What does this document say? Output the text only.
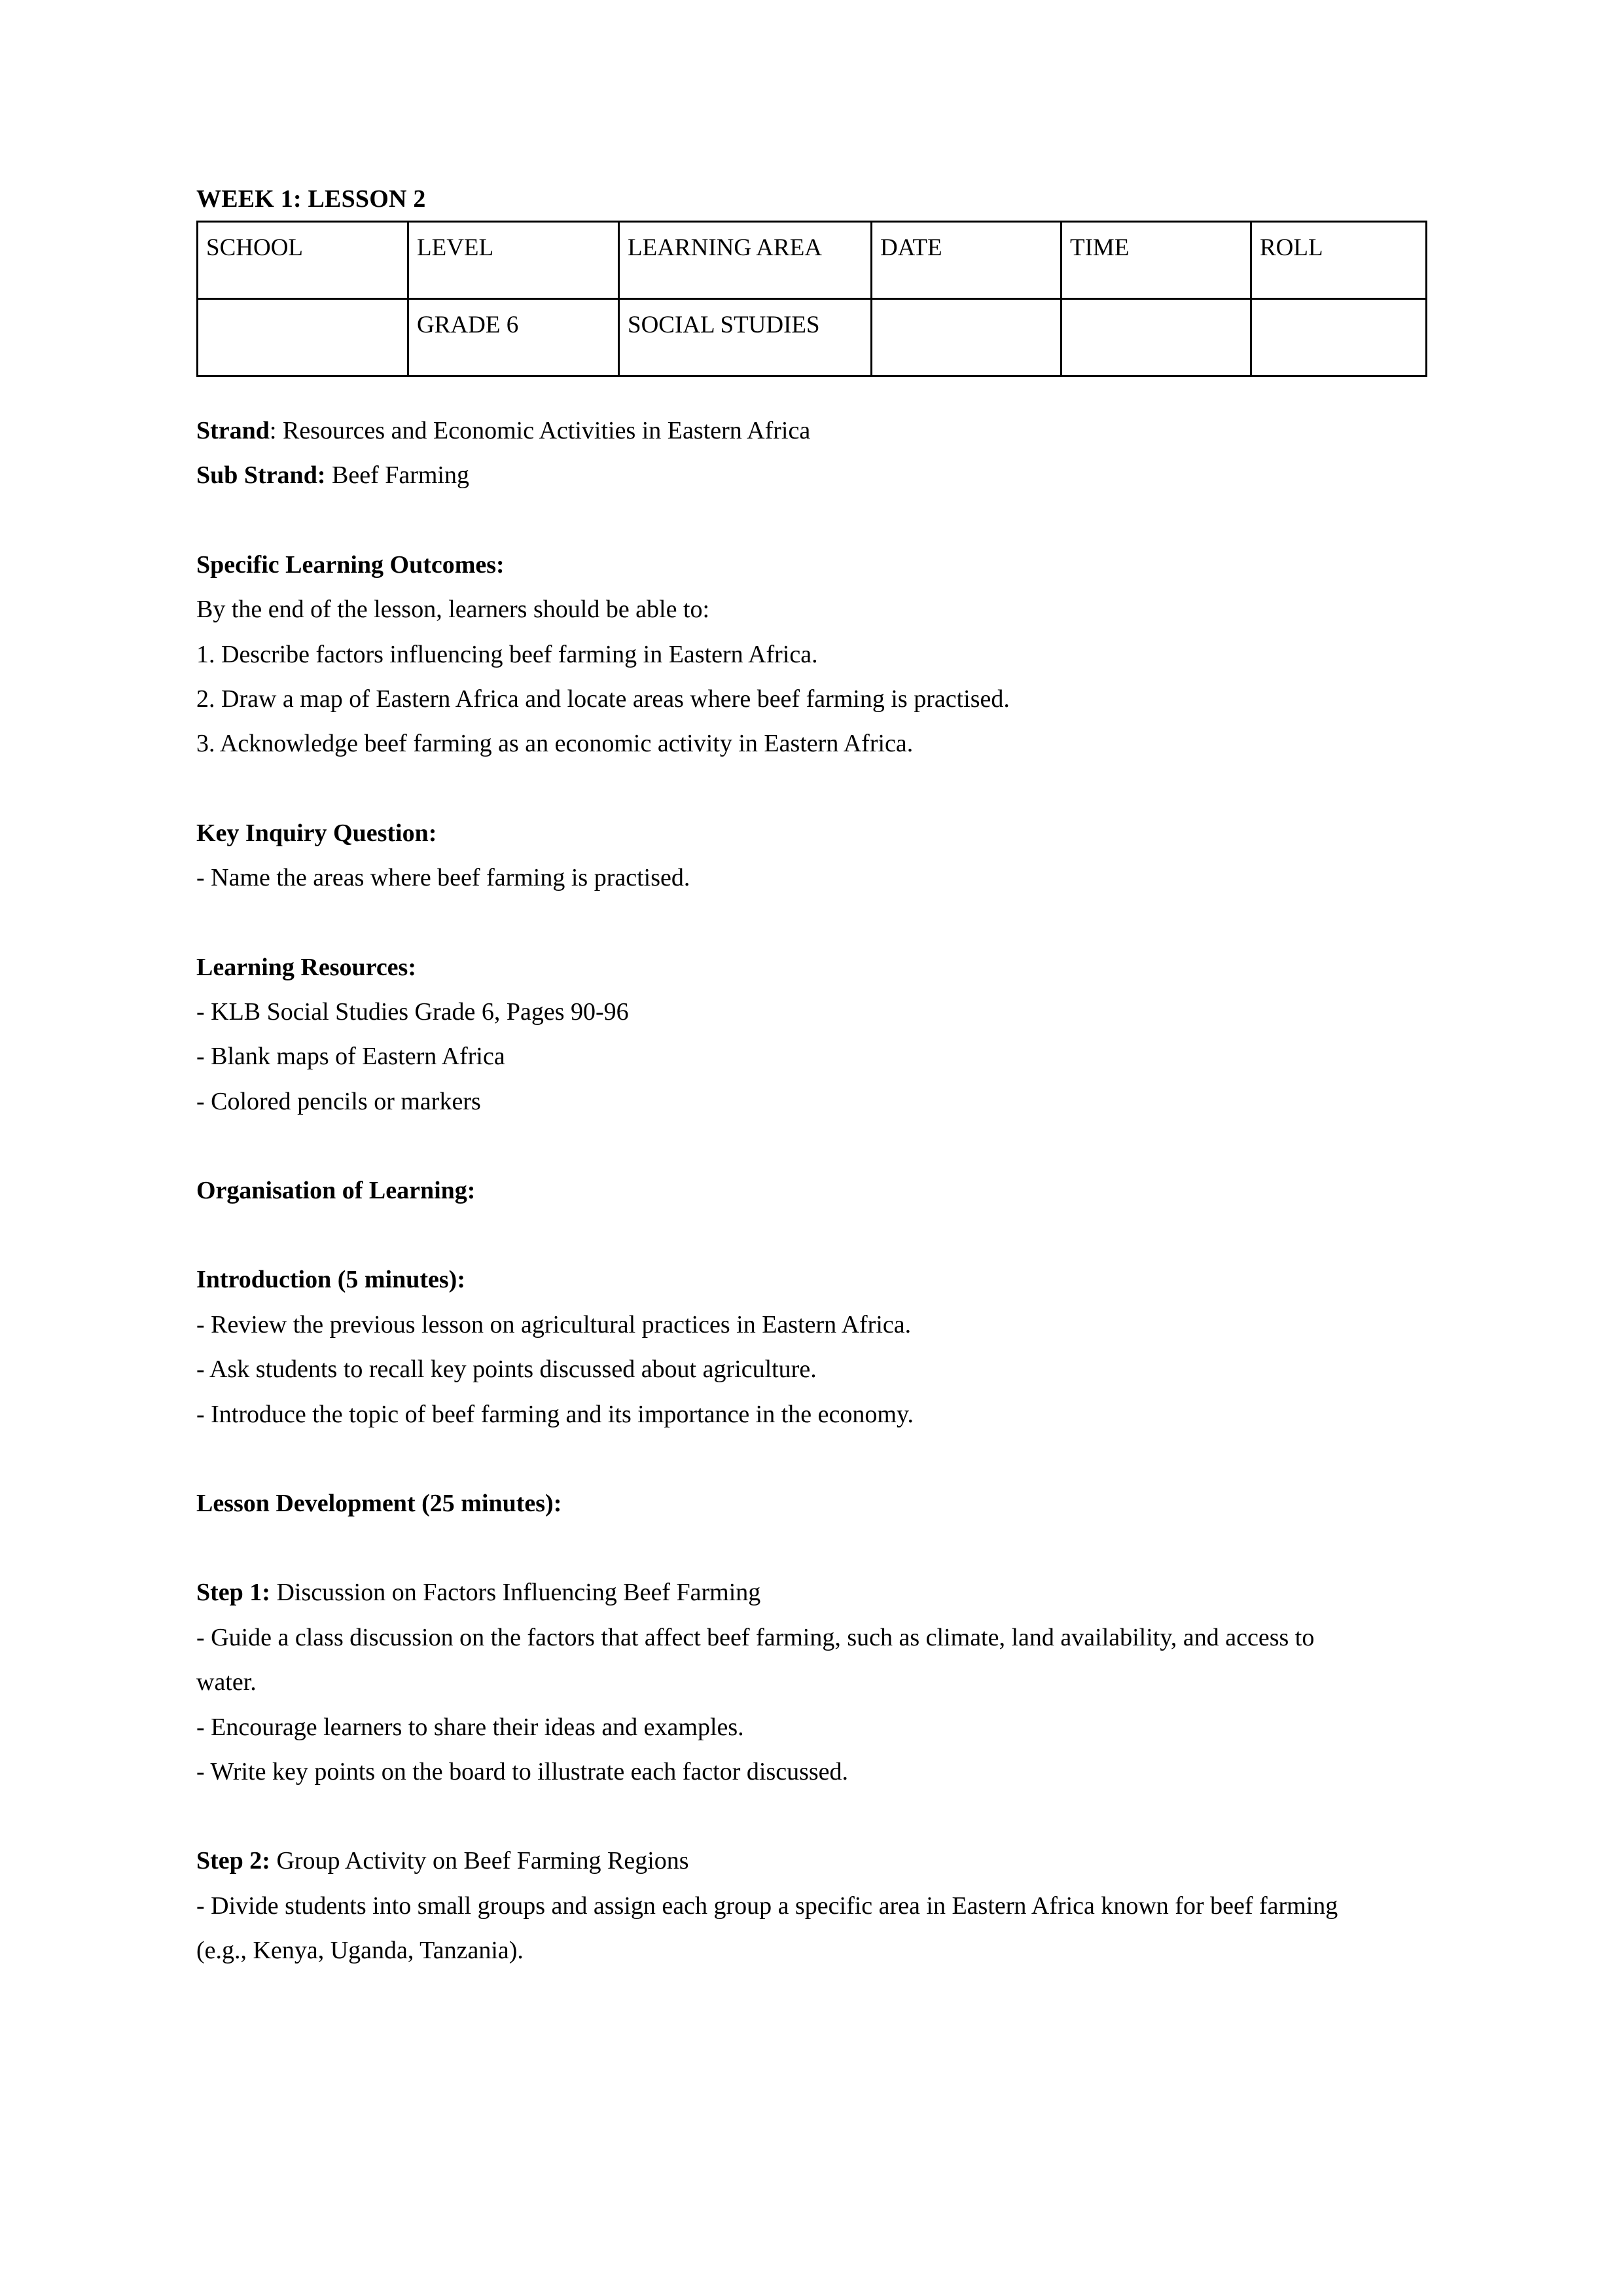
WEEK 1: LESSON 2
SCHOOL	LEVEL	LEARNING AREA	DATE	TIME	ROLL
	GRADE 6	SOCIAL STUDIES			
Strand: Resources and Economic Activities in Eastern Africa
Sub Strand: Beef Farming
Specific Learning Outcomes:
By the end of the lesson, learners should be able to:
1. Describe factors influencing beef farming in Eastern Africa.
2. Draw a map of Eastern Africa and locate areas where beef farming is practised.
3. Acknowledge beef farming as an economic activity in Eastern Africa.
Key Inquiry Question:
- Name the areas where beef farming is practised.
Learning Resources:
- KLB Social Studies Grade 6, Pages 90-96
- Blank maps of Eastern Africa
- Colored pencils or markers
Organisation of Learning:
Introduction (5 minutes):
- Review the previous lesson on agricultural practices in Eastern Africa.
- Ask students to recall key points discussed about agriculture.
- Introduce the topic of beef farming and its importance in the economy.
Lesson Development (25 minutes):
Step 1: Discussion on Factors Influencing Beef Farming
- Guide a class discussion on the factors that affect beef farming, such as climate, land availability, and access to water.
- Encourage learners to share their ideas and examples.
- Write key points on the board to illustrate each factor discussed.
Step 2: Group Activity on Beef Farming Regions
- Divide students into small groups and assign each group a specific area in Eastern Africa known for beef farming (e.g., Kenya, Uganda, Tanzania).
